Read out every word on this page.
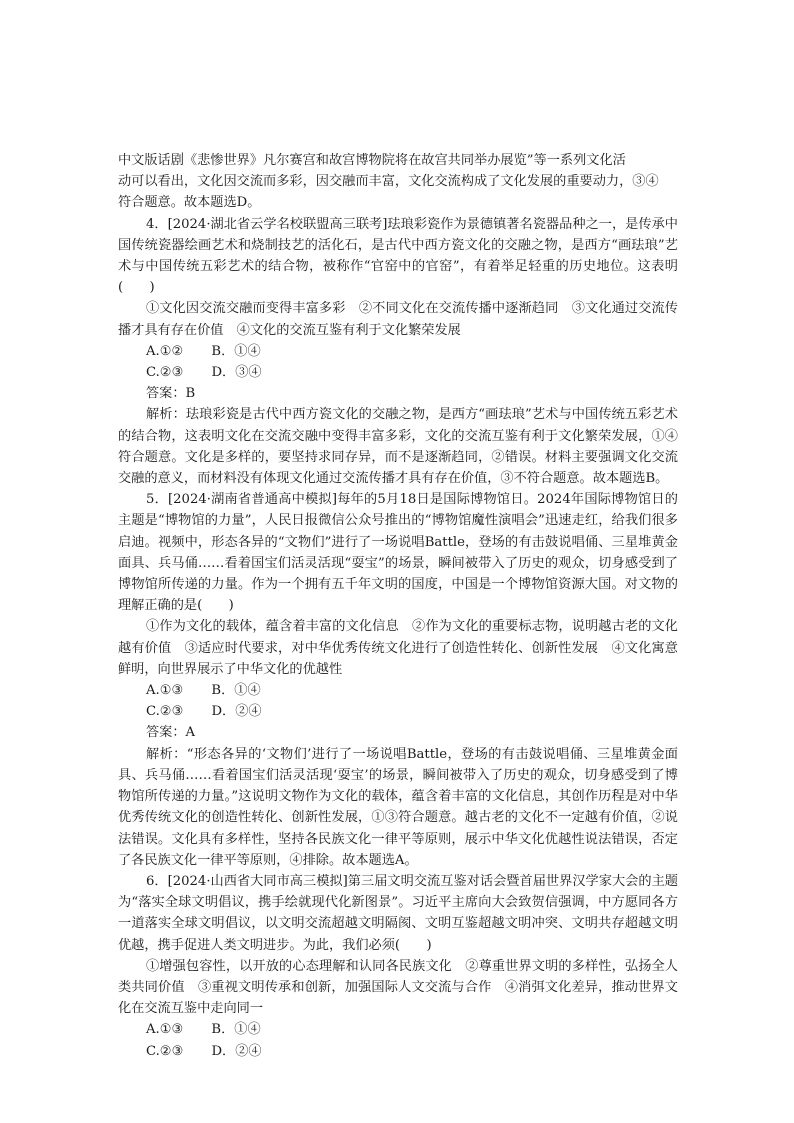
中文版话剧《悲惨世界》凡尔赛宫和故宫博物院将在故宫共同举办展览”等一系列文化活

动可以看出，文化因交流而多彩，因交融而丰富，文化交流构成了文化发展的重要动力，③④

符合题意。故本题选D。

4．[2024·湖北省云学名校联盟高三联考]珐琅彩瓷作为景德镇著名瓷器品种之一，是传承中国传统瓷器绘画艺术和烧制技艺的活化石，是古代中西方瓷文化的交融之物，是西方“画珐琅”艺术与中国传统五彩艺术的结合物，被称作“官窑中的官窑”，有着举足轻重的历史地位。这表明(　　)

①文化因交流交融而变得丰富多彩　②不同文化在交流传播中逐渐趋同　③文化通过交流传播才具有存在价值　④文化的交流互鉴有利于文化繁荣发展

A.①② B．①④
C.②③ D．③④

答案：B

解析：珐琅彩瓷是古代中西方瓷文化的交融之物，是西方“画珐琅”艺术与中国传统五彩艺术的结合物，这表明文化在交流交融中变得丰富多彩，文化的交流互鉴有利于文化繁荣发展，①④符合题意。文化是多样的，要坚持求同存异，而不是逐渐趋同，②错误。材料主要强调文化交流交融的意义，而材料没有体现文化通过交流传播才具有存在价值，③不符合题意。故本题选B。

5．[2024·湖南省普通高中模拟]每年的5月18日是国际博物馆日。2024年国际博物馆日的主题是“博物馆的力量”，人民日报微信公众号推出的“博物馆魔性演唱会”迅速走红，给我们很多启迪。视频中，形态各异的“文物们”进行了一场说唱Battle，登场的有击鼓说唱俑、三星堆黄金面具、兵马俑……看着国宝们活灵活现“耍宝”的场景，瞬间被带入了历史的观众，切身感受到了博物馆所传递的力量。作为一个拥有五千年文明的国度，中国是一个博物馆资源大国。对文物的理解正确的是(　　)

①作为文化的载体，蕴含着丰富的文化信息　②作为文化的重要标志物，说明越古老的文化越有价值　③适应时代要求，对中华优秀传统文化进行了创造性转化、创新性发展　④文化寓意鲜明，向世界展示了中华文化的优越性

A.①③ B．①④
C.②③ D．②④

答案：A

解析：“形态各异的‘文物们’进行了一场说唱Battle，登场的有击鼓说唱俑、三星堆黄金面具、兵马俑……看着国宝们活灵活现‘耍宝’的场景，瞬间被带入了历史的观众，切身感受到了博物馆所传递的力量。”这说明文物作为文化的载体，蕴含着丰富的文化信息，其创作历程是对中华优秀传统文化的创造性转化、创新性发展，①③符合题意。越古老的文化不一定越有价值，②说法错误。文化具有多样性，坚持各民族文化一律平等原则，展示中华文化优越性说法错误，否定了各民族文化一律平等原则，④排除。故本题选A。

6．[2024·山西省大同市高三模拟]第三届文明交流互鉴对话会暨首届世界汉学家大会的主题为“落实全球文明倡议，携手绘就现代化新图景”。习近平主席向大会致贺信强调，中方愿同各方一道落实全球文明倡议，以文明交流超越文明隔阂、文明互鉴超越文明冲突、文明共存超越文明优越，携手促进人类文明进步。为此，我们必须(　　)

①增强包容性，以开放的心态理解和认同各民族文化　②尊重世界文明的多样性，弘扬全人类共同价值　③重视文明传承和创新，加强国际人文交流与合作　④消弭文化差异，推动世界文化在交流互鉴中走向同一

A.①③ B．①④
C.②③ D．②④
